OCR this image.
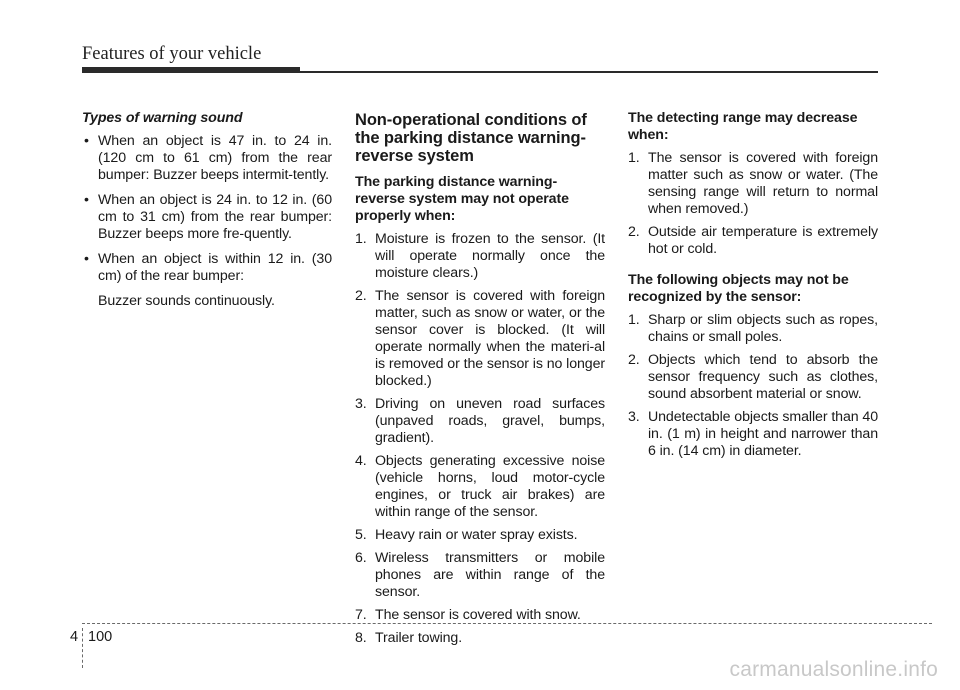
Features of your vehicle
Types of warning sound
• When an object is 47 in. to 24 in. (120 cm to 61 cm) from the rear bumper: Buzzer beeps intermit-tently.
• When an object is 24 in. to 12 in. (60 cm to 31 cm) from the rear bumper: Buzzer beeps more fre-quently.
• When an object is within 12 in. (30 cm) of the rear bumper:
Buzzer sounds continuously.
Non-operational conditions of the parking distance warning-reverse system
The parking distance warning-reverse system may not operate properly when:
1. Moisture is frozen to the sensor. (It will operate normally once the moisture clears.)
2. The sensor is covered with foreign matter, such as snow or water, or the sensor cover is blocked. (It will operate normally when the materi-al is removed or the sensor is no longer blocked.)
3. Driving on uneven road surfaces (unpaved roads, gravel, bumps, gradient).
4. Objects generating excessive noise (vehicle horns, loud motor-cycle engines, or truck air brakes) are within range of the sensor.
5. Heavy rain or water spray exists.
6. Wireless transmitters or mobile phones are within range of the sensor.
7. The sensor is covered with snow.
8. Trailer towing.
The detecting range may decrease when:
1. The sensor is covered with foreign matter such as snow or water. (The sensing range will return to normal when removed.)
2. Outside air temperature is extremely hot or cold.
The following objects may not be recognized by the sensor:
1. Sharp or slim objects such as ropes, chains or small poles.
2. Objects which tend to absorb the sensor frequency such as clothes, sound absorbent material or snow.
3. Undetectable objects smaller than 40 in. (1 m) in height and narrower than 6 in. (14 cm) in diameter.
4 100
carmanualsonline.info
